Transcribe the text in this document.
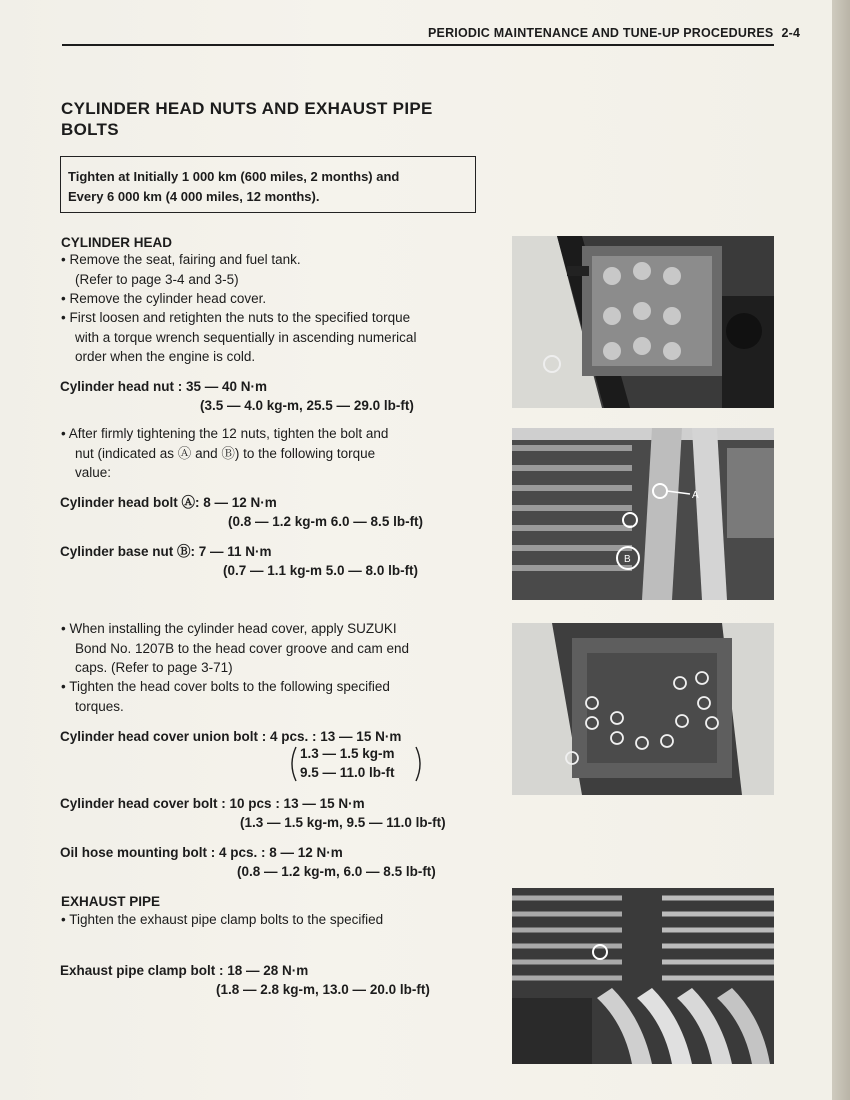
PERIODIC MAINTENANCE AND TUNE-UP PROCEDURES 2-4
CYLINDER HEAD NUTS AND EXHAUST PIPE
BOLTS
Tighten at Initially 1 000 km (600 miles, 2 months) and
Every 6 000 km (4 000 miles, 12 months).
CYLINDER HEAD
• Remove the seat, fairing and fuel tank.
(Refer to page 3-4 and 3-5)
• Remove the cylinder head cover.
• First loosen and retighten the nuts to the specified torque
with a torque wrench sequentially in ascending numerical
order when the engine is cold.
Cylinder head nut : 35 — 40 N·m
(3.5 — 4.0 kg-m, 25.5 — 29.0 lb-ft)
• After firmly tightening the 12 nuts, tighten the bolt and
nut (indicated as Ⓐ and Ⓑ) to the following torque
value:
Cylinder head bolt Ⓐ: 8 — 12 N·m
(0.8 — 1.2 kg-m 6.0 — 8.5 lb-ft)
Cylinder base nut Ⓑ: 7 — 11 N·m
(0.7 — 1.1 kg-m 5.0 — 8.0 lb-ft)
• When installing the cylinder head cover, apply SUZUKI
Bond No. 1207B to the head cover groove and cam end
caps. (Refer to page 3-71)
• Tighten the head cover bolts to the following specified
torques.
Cylinder head cover union bolt : 4 pcs. : 13 — 15 N·m
1.3 — 1.5 kg-m
9.5 — 11.0 lb-ft
Cylinder head cover bolt : 10 pcs : 13 — 15 N·m
(1.3 — 1.5 kg-m, 9.5 — 11.0 lb-ft)
Oil hose mounting bolt : 4 pcs. : 8 — 12 N·m
(0.8 — 1.2 kg-m, 6.0 — 8.5 lb-ft)
EXHAUST PIPE
• Tighten the exhaust pipe clamp bolts to the specified
Exhaust pipe clamp bolt : 18 — 28 N·m
(1.8 — 2.8 kg-m, 13.0 — 20.0 lb-ft)
A
B
